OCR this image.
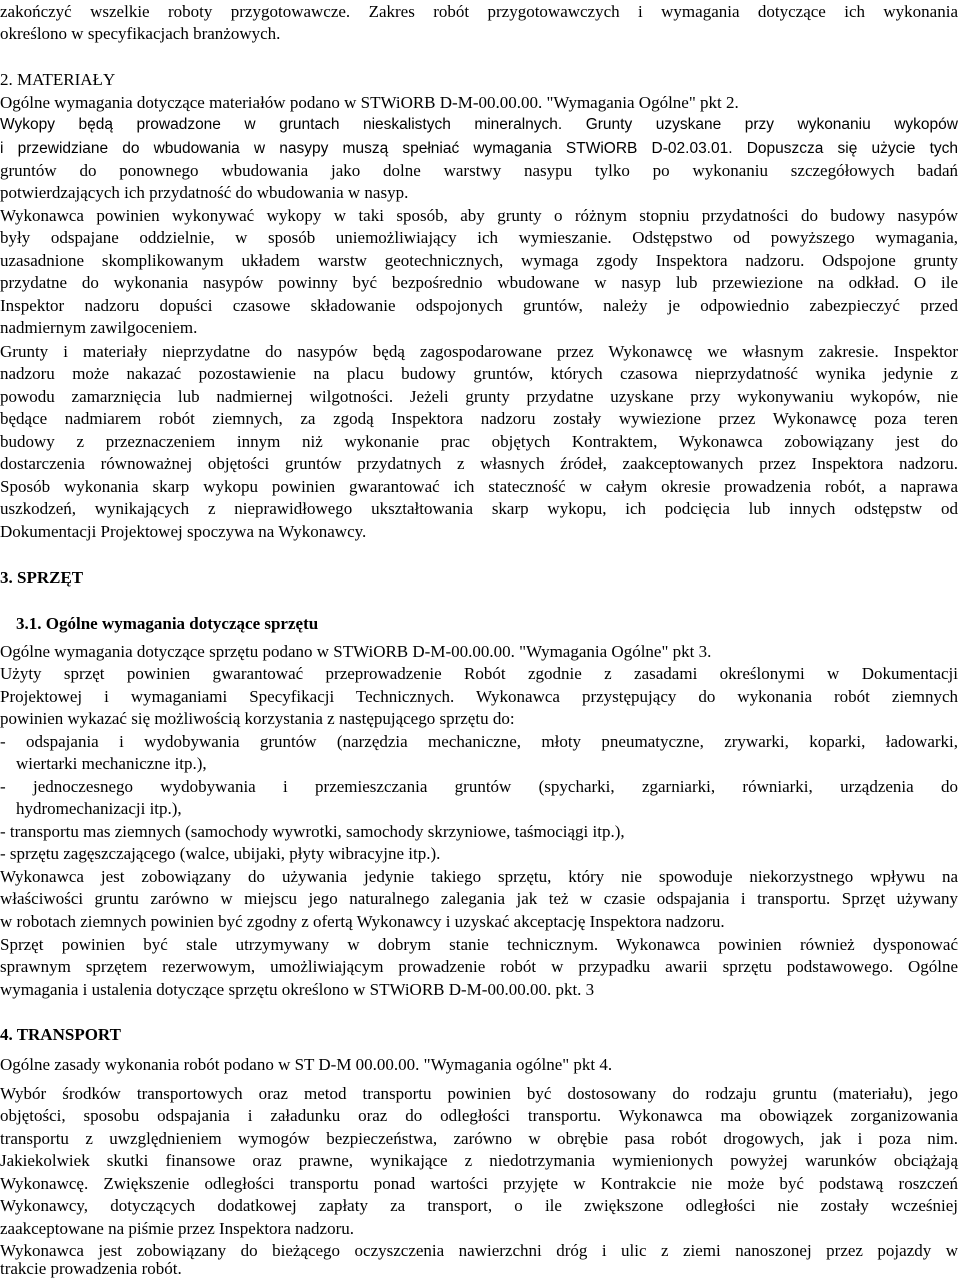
zakończyć wszelkie roboty przygotowawcze. Zakres robót przygotowawczych i wymagania dotyczące ich wykonania
określono w specyfikacjach branżowych.
2. MATERIAŁY
Ogólne wymagania dotyczące materiałów podano w STWiORB D-M-00.00.00. "Wymagania Ogólne" pkt 2.
Wykopy będą prowadzone w gruntach nieskalistych mineralnych. Grunty uzyskane przy wykonaniu wykopów
i przewidziane do wbudowania w nasypy muszą spełniać wymagania STWiORB D-02.03.01. Dopuszcza się użycie tych
gruntów do ponownego wbudowania jako dolne warstwy nasypu tylko po wykonaniu szczegółowych badań
potwierdzających ich przydatność do wbudowania w nasyp.
Wykonawca powinien wykonywać wykopy w taki sposób, aby grunty o różnym stopniu przydatności do budowy nasypów
były odspajane oddzielnie, w sposób uniemożliwiający ich wymieszanie. Odstępstwo od powyższego wymagania,
uzasadnione skomplikowanym układem warstw geotechnicznych, wymaga zgody Inspektora nadzoru. Odspojone grunty
przydatne do wykonania nasypów powinny być bezpośrednio wbudowane w nasyp lub przewiezione na odkład. O ile
Inspektor nadzoru dopuści czasowe składowanie odspojonych gruntów, należy je odpowiednio zabezpieczyć przed
nadmiernym zawilgoceniem.
Grunty i materiały nieprzydatne do nasypów będą zagospodarowane przez Wykonawcę we własnym zakresie. Inspektor
nadzoru może nakazać pozostawienie na placu budowy gruntów, których czasowa nieprzydatność wynika jedynie z
powodu zamarznięcia lub nadmiernej wilgotności. Jeżeli grunty przydatne uzyskane przy wykonywaniu wykopów, nie
będące nadmiarem robót ziemnych, za zgodą Inspektora nadzoru zostały wywiezione przez Wykonawcę poza teren
budowy z przeznaczeniem innym niż wykonanie prac objętych Kontraktem, Wykonawca zobowiązany jest do
dostarczenia równoważnej objętości gruntów przydatnych z własnych źródeł, zaakceptowanych przez Inspektora nadzoru.
Sposób wykonania skarp wykopu powinien gwarantować ich stateczność w całym okresie prowadzenia robót, a naprawa
uszkodzeń, wynikających z nieprawidłowego ukształtowania skarp wykopu, ich podcięcia lub innych odstępstw od
Dokumentacji Projektowej spoczywa na Wykonawcy.
3. SPRZĘT
3.1. Ogólne wymagania dotyczące sprzętu
Ogólne wymagania dotyczące sprzętu podano w STWiORB D-M-00.00.00. "Wymagania Ogólne" pkt 3.
Użyty sprzęt powinien gwarantować przeprowadzenie Robót zgodnie z zasadami określonymi w Dokumentacji
Projektowej i wymaganiami Specyfikacji Technicznych. Wykonawca przystępujący do wykonania robót ziemnych
powinien wykazać się możliwością korzystania z następującego sprzętu do:
- odspajania i wydobywania gruntów (narzędzia mechaniczne, młoty pneumatyczne, zrywarki, koparki, ładowarki,
wiertarki mechaniczne itp.),
- jednoczesnego wydobywania i przemieszczania gruntów (spycharki, zgarniarki, równiarki, urządzenia do
hydromechanizacji itp.),
- transportu mas ziemnych (samochody wywrotki, samochody skrzyniowe, taśmociągi itp.),
- sprzętu zagęszczającego (walce, ubijaki, płyty wibracyjne itp.).
Wykonawca jest zobowiązany do używania jedynie takiego sprzętu, który nie spowoduje niekorzystnego wpływu na
właściwości gruntu zarówno w miejscu jego naturalnego zalegania jak też w czasie odspajania i transportu. Sprzęt używany
w robotach ziemnych powinien być zgodny z ofertą Wykonawcy i uzyskać akceptację Inspektora nadzoru.
Sprzęt powinien być stale utrzymywany w dobrym stanie technicznym. Wykonawca powinien również dysponować
sprawnym sprzętem rezerwowym, umożliwiającym prowadzenie robót w przypadku awarii sprzętu podstawowego. Ogólne
wymagania i ustalenia dotyczące sprzętu określono w STWiORB D-M-00.00.00. pkt. 3
4. TRANSPORT
Ogólne zasady wykonania robót podano w ST D-M 00.00.00. "Wymagania ogólne" pkt 4.
Wybór środków transportowych oraz metod transportu powinien być dostosowany do rodzaju gruntu (materiału), jego
objętości, sposobu odspajania i załadunku oraz do odległości transportu. Wykonawca ma obowiązek zorganizowania
transportu z uwzględnieniem wymogów bezpieczeństwa, zarówno w obrębie pasa robót drogowych, jak i poza nim.
Jakiekolwiek skutki finansowe oraz prawne, wynikające z niedotrzymania wymienionych powyżej warunków obciążają
Wykonawcę. Zwiększenie odległości transportu ponad wartości przyjęte w Kontrakcie nie może być podstawą roszczeń
Wykonawcy, dotyczących dodatkowej zapłaty za transport, o ile zwiększone odległości nie zostały wcześniej
zaakceptowane na piśmie przez Inspektora nadzoru.
Wykonawca jest zobowiązany do bieżącego oczyszczenia nawierzchni dróg i ulic z ziemi nanoszonej przez pojazdy w
trakcie prowadzenia robót.
